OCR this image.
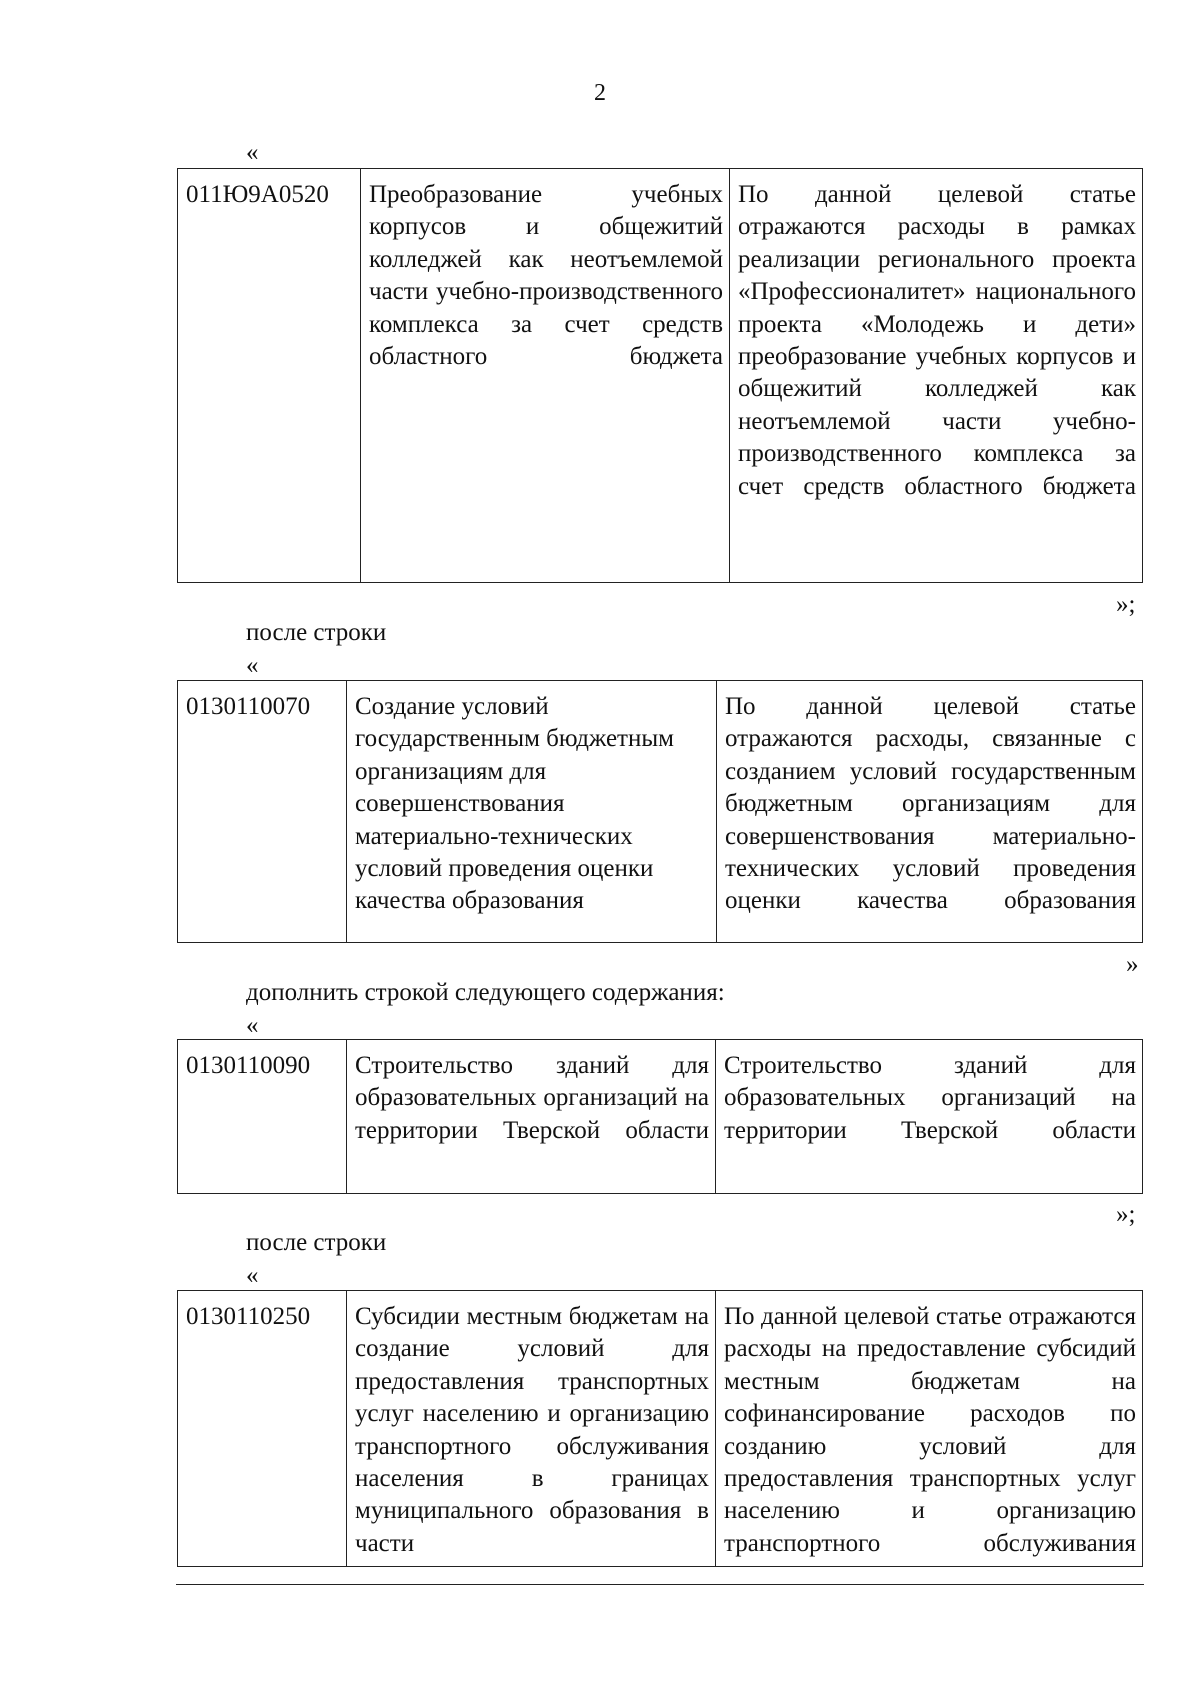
2
«
011Ю9А0520	Преобразование учебных корпусов и общежитий колледжей как неотъемлемой части учебно-производственного комплекса за счет средств областного бюджета	По данной целевой статье отражаются расходы в рамках реализации регионального проекта «Профессионалитет» национального проекта «Молодежь и дети» преобразование учебных корпусов и общежитий колледжей как неотъемлемой части учебно-производственного комплекса за счет средств областного бюджета
»;
после строки
«
0130110070	Создание условий государственным бюджетным организациям для совершенствования материально-технических условий проведения оценки качества образования	По данной целевой статье отражаются расходы, связанные с созданием условий государственным бюджетным организациям для совершенствования материально-технических условий проведения оценки качества образования
»
дополнить строкой следующего содержания:
«
0130110090	Строительство зданий для образовательных организаций на территории Тверской области	Строительство зданий для образовательных организаций на территории Тверской области
»;
после строки
«
0130110250	Субсидии местным бюджетам на создание условий для предоставления транспортных услуг населению и организацию транспортного обслуживания населения в границах муниципального образования в части	По данной целевой статье отражаются расходы на предоставление субсидий местным бюджетам на софинансирование расходов по созданию условий для предоставления транспортных услуг населению и организацию транспортного обслуживания
